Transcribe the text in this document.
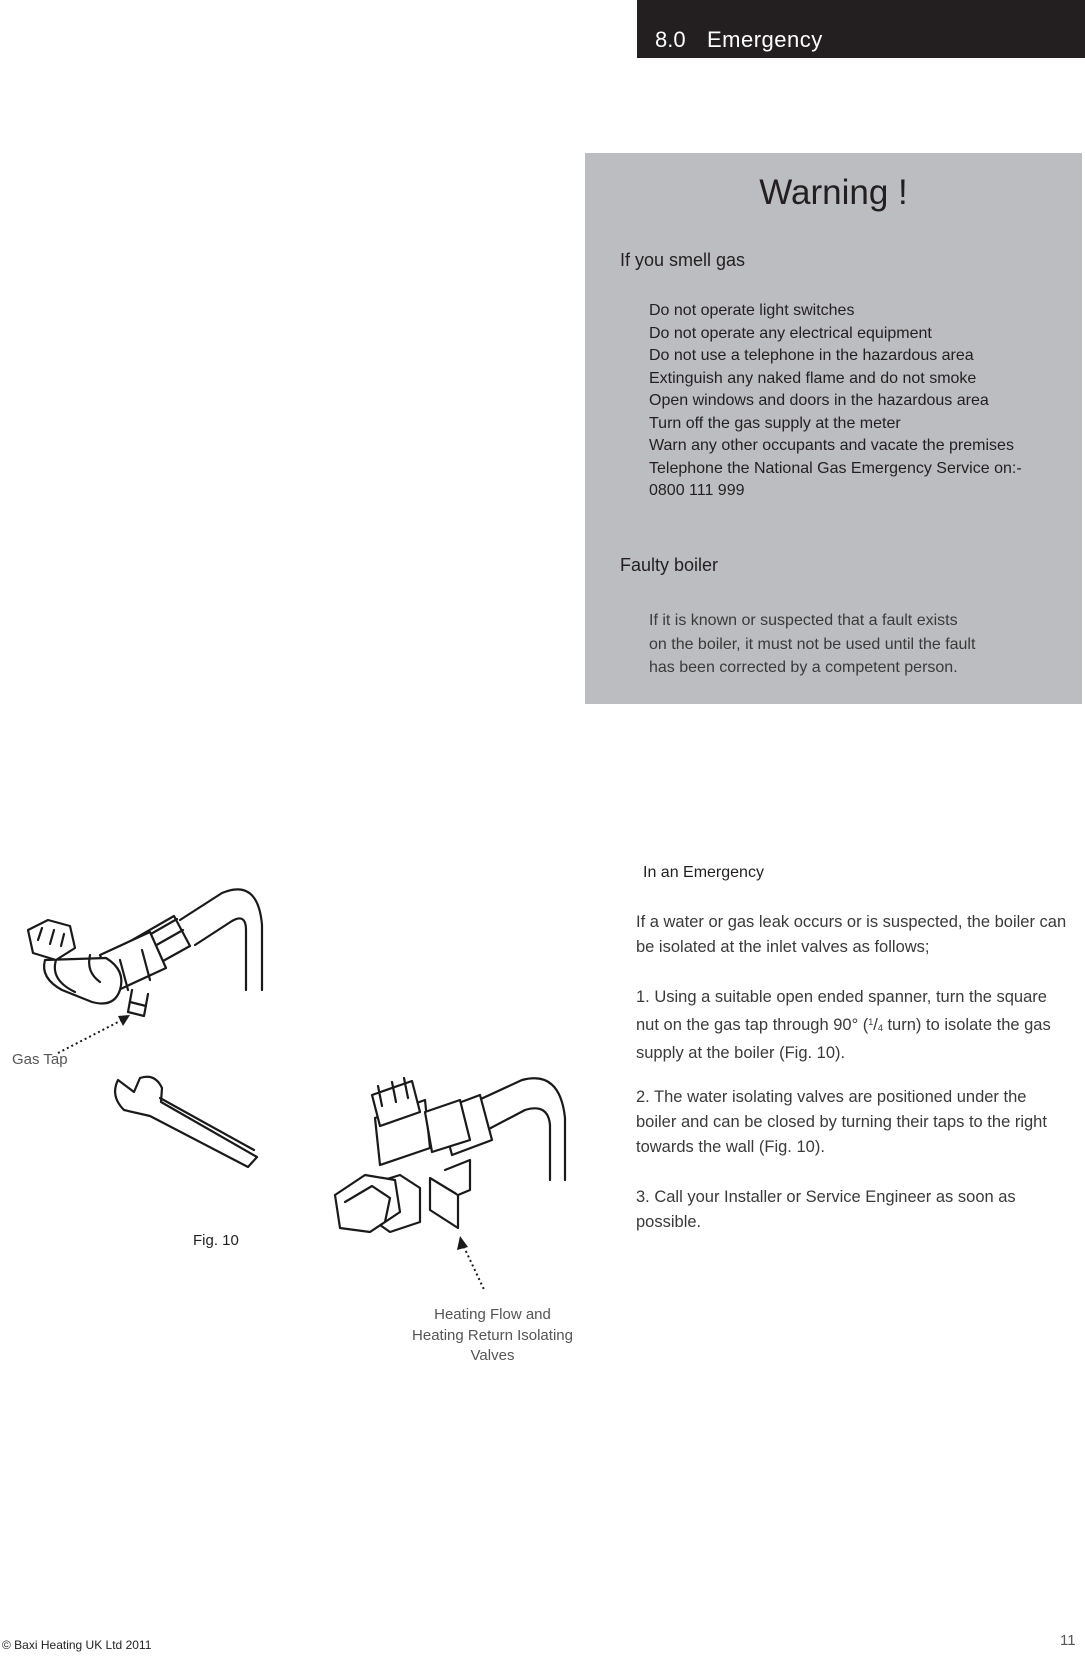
8.0 Emergency
Warning !
If you smell gas
Do not operate light switches
Do not operate any electrical equipment
Do not use a telephone in the hazardous area
Extinguish any naked flame and do not smoke
Open windows and doors in the hazardous area
Turn off the gas supply at the meter
Warn any other occupants and vacate the premises
Telephone the National Gas Emergency Service on:-
0800 111 999
Faulty boiler
If it is known or suspected that a fault exists
on the boiler, it must not be used until the fault
has been corrected by a competent person.
In an Emergency

If a water or gas leak occurs or is suspected, the boiler can be isolated at the inlet valves as follows;

1. Using a suitable open ended spanner, turn the square nut on the gas tap through 90° ($^1/_4$ turn) to isolate the gas supply at the boiler (Fig. 10).

2. The water isolating valves are positioned under the boiler and can be closed by turning their taps to the right towards the wall (Fig. 10).

3. Call your Installer or Service Engineer as soon as possible.

Gas Tap
Fig. 10
Heating Flow and
Heating Return Isolating
Valves
© Baxi Heating UK Ltd 2011	11
